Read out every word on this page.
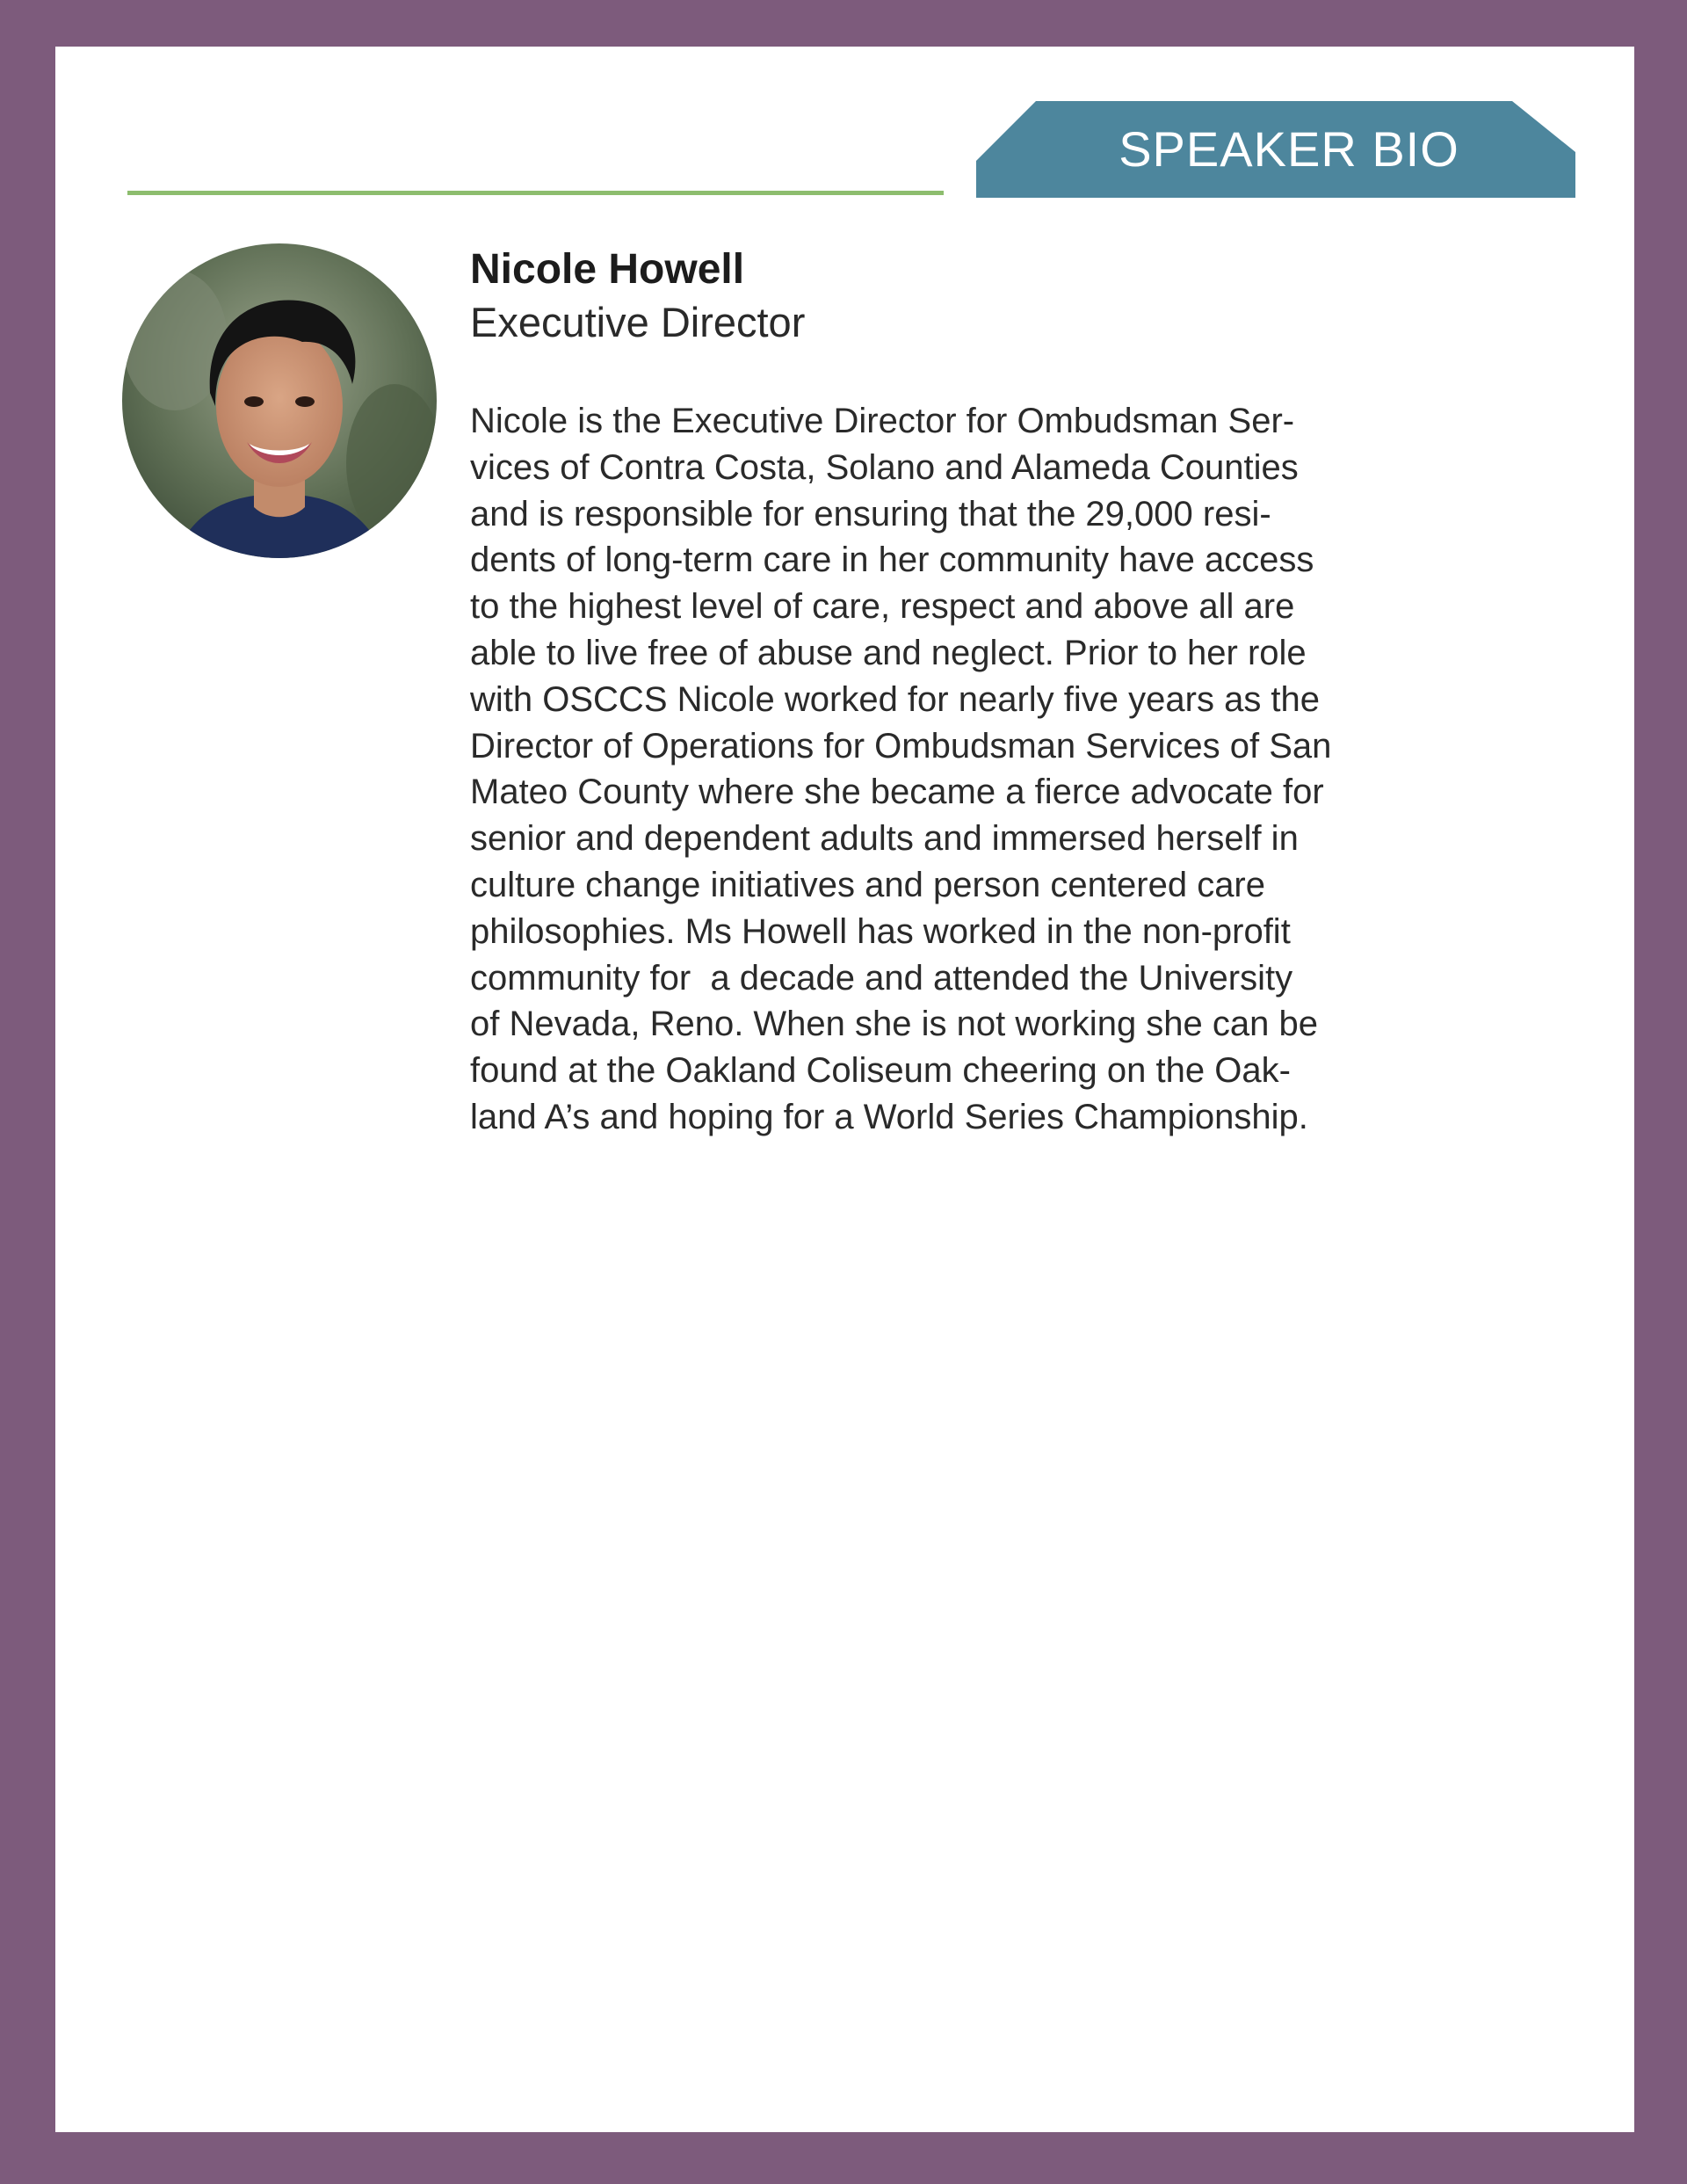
SPEAKER BIO
Nicole Howell
Executive Director
Nicole is the Executive Director for Ombudsman Ser-
vices of Contra Costa, Solano and Alameda Counties
and is responsible for ensuring that the 29,000 resi-
dents of long-term care in her community have access
to the highest level of care, respect and above all are
able to live free of abuse and neglect. Prior to her role
with OSCCS Nicole worked for nearly five years as the
Director of Operations for Ombudsman Services of San
Mateo County where she became a fierce advocate for
senior and dependent adults and immersed herself in
culture change initiatives and person centered care
philosophies. Ms Howell has worked in the non-profit
community for  a decade and attended the University
of Nevada, Reno. When she is not working she can be
found at the Oakland Coliseum cheering on the Oak-
land A’s and hoping for a World Series Championship.
